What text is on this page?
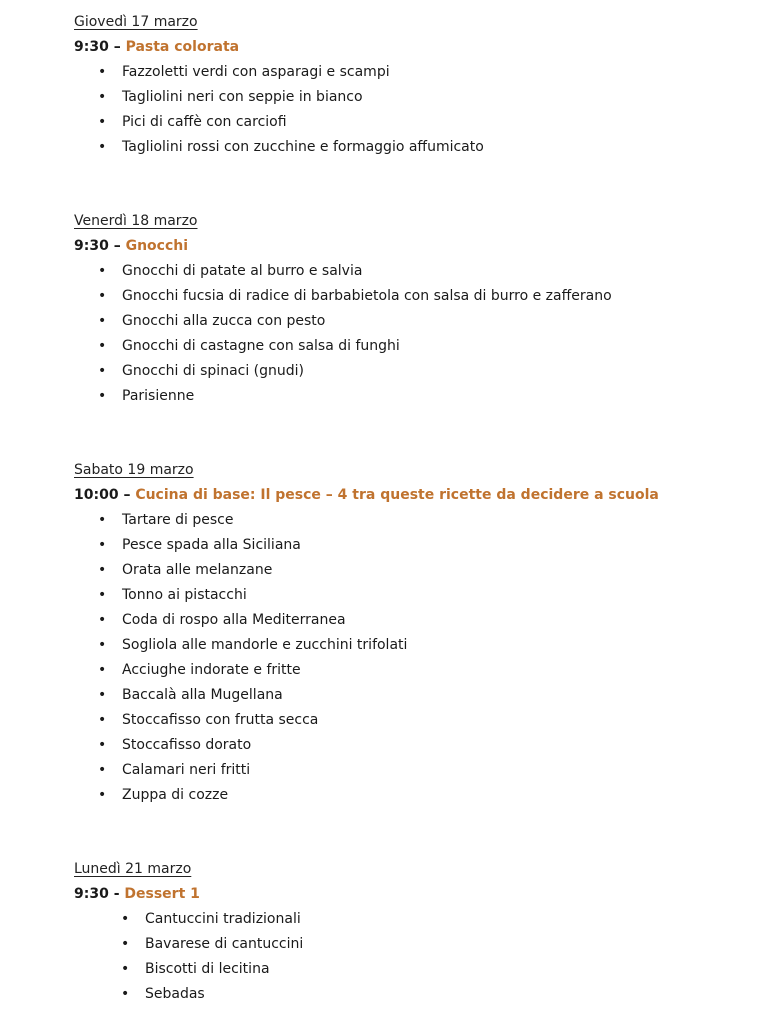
Giovedì 17 marzo
9:30 – Pasta colorata
• Fazzoletti verdi con asparagi e scampi
• Tagliolini neri con seppie in bianco
• Pici di caffè con carciofi
• Tagliolini rossi con zucchine e formaggio affumicato
Venerdì 18 marzo
9:30 – Gnocchi
• Gnocchi di patate al burro e salvia
• Gnocchi fucsia di radice di barbabietola con salsa di burro e zafferano
• Gnocchi alla zucca con pesto
• Gnocchi di castagne con salsa di funghi
• Gnocchi di spinaci (gnudi)
• Parisienne
Sabato 19 marzo
10:00 – Cucina di base: Il pesce – 4 tra queste ricette da decidere a scuola
• Tartare di pesce
• Pesce spada alla Siciliana
• Orata alle melanzane
• Tonno ai pistacchi
• Coda di rospo alla Mediterranea
• Sogliola alle mandorle e zucchini trifolati
• Acciughe indorate e fritte
• Baccalà alla Mugellana
• Stoccafisso con frutta secca
• Stoccafisso dorato
• Calamari neri fritti
• Zuppa di cozze
Lunedì 21 marzo
9:30 - Dessert 1
• Cantuccini tradizionali
• Bavarese di cantuccini
• Biscotti di lecitina
• Sebadas
